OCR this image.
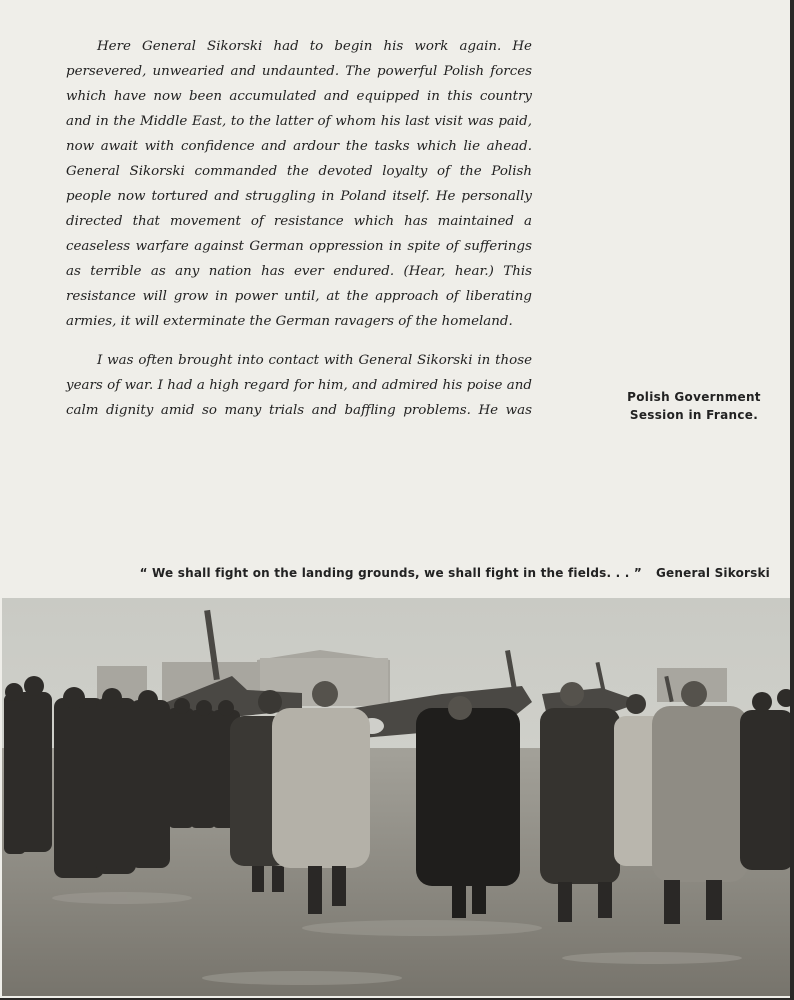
Here General Sikorski had to begin his work again. He persevered, unwearied and undaunted. The powerful Polish forces which have now been accumulated and equipped in this country and in the Middle East, to the latter of whom his last visit was paid, now await with confidence and ardour the tasks which lie ahead. General Sikorski commanded the devoted loyalty of the Polish people now tortured and struggling in Poland itself. He personally directed that movement of resistance which has maintained a ceaseless warfare against German oppression in spite of sufferings as terrible as any nation has ever endured. (Hear, hear.) This resistance will grow in power until, at the approach of liberating armies, it will exterminate the German ravagers of the homeland.

I was often brought into contact with General Sikorski in those years of war. I had a high regard for him, and admired his poise and calm dignity amid so many trials and baffling problems. He was

Polish Government
Session in France.
“ We shall fight on the landing grounds, we shall fight in the fields. . . ” General Sikorski
